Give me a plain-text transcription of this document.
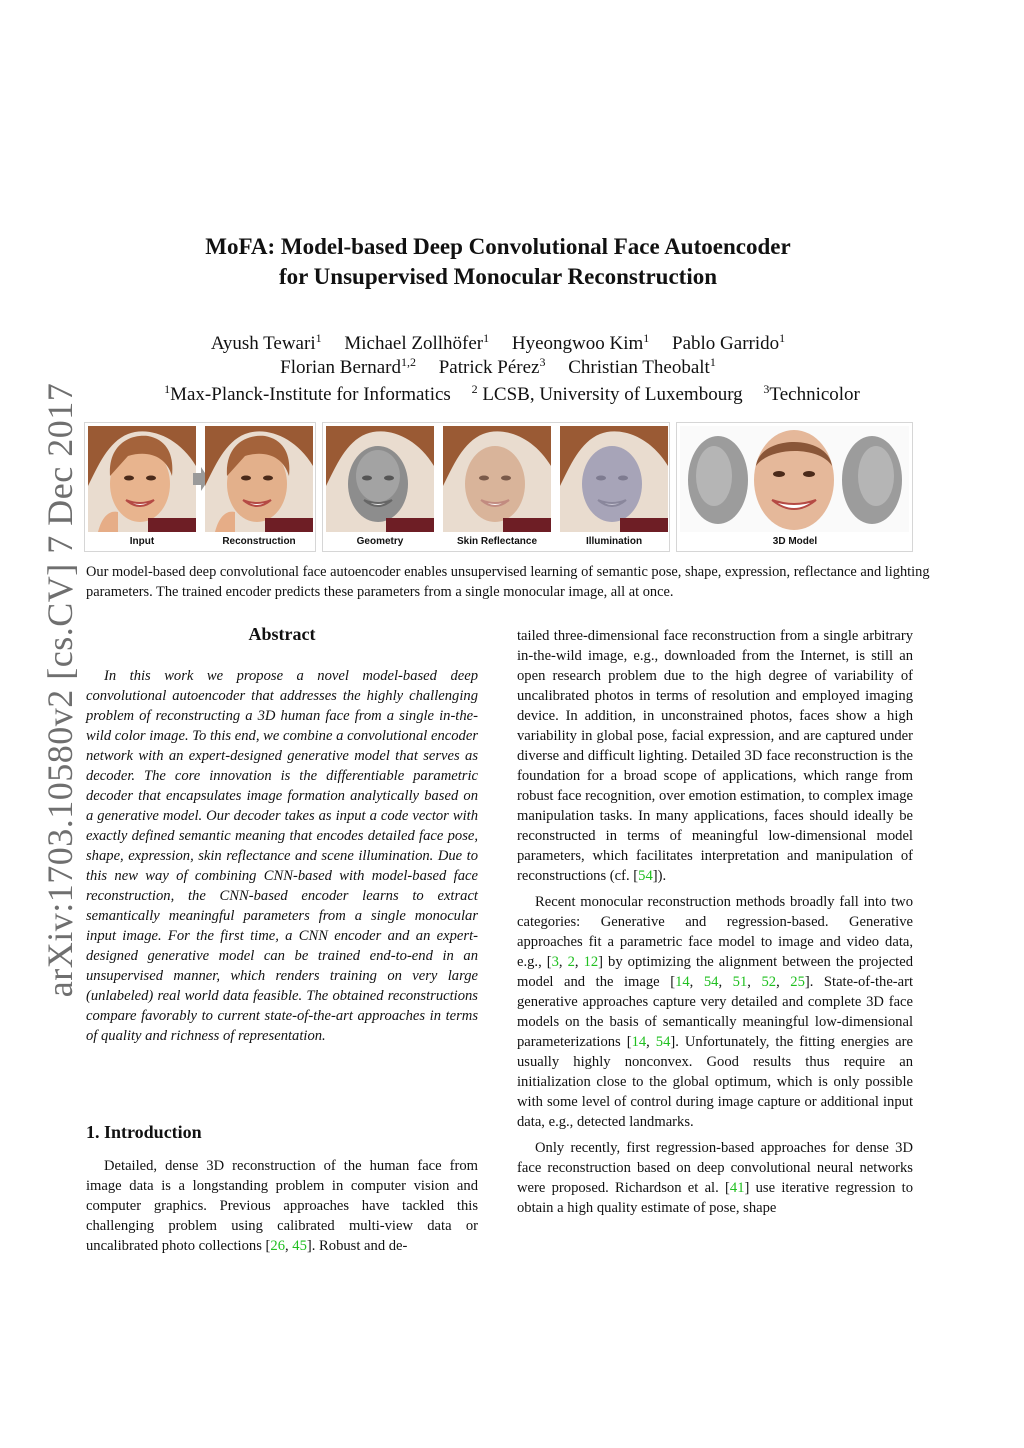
arXiv:1703.10580v2 [cs.CV] 7 Dec 2017
MoFA: Model-based Deep Convolutional Face Autoencoder
for Unsupervised Monocular Reconstruction
Ayush Tewari$^1$ Michael Zollhöfer$^1$ Hyeongwoo Kim$^1$ Pablo Garrido$^1$
Florian Bernard$^{1,2}$ Patrick Pérez$^3$ Christian Theobalt$^1$
$^1$Max-Planck-Institute for Informatics $^2$ LCSB, University of Luxembourg $^3$Technicolor
Input	Reconstruction	Geometry	Skin Reflectance	Illumination	3D Model
Our model-based deep convolutional face autoencoder enables unsupervised learning of semantic pose, shape, expression, reflectance and lighting parameters. The trained encoder predicts these parameters from a single monocular image, all at once.
Abstract

In this work we propose a novel model-based deep convolutional autoencoder that addresses the highly challenging problem of reconstructing a 3D human face from a single in-the-wild color image. To this end, we combine a convolutional encoder network with an expert-designed generative model that serves as decoder. The core innovation is the differentiable parametric decoder that encapsulates image formation analytically based on a generative model. Our decoder takes as input a code vector with exactly defined semantic meaning that encodes detailed face pose, shape, expression, skin reflectance and scene illumination. Due to this new way of combining CNN-based with model-based face reconstruction, the CNN-based encoder learns to extract semantically meaningful parameters from a single monocular input image. For the first time, a CNN encoder and an expert-designed generative model can be trained end-to-end in an unsupervised manner, which renders training on very large (unlabeled) real world data feasible. The obtained reconstructions compare favorably to current state-of-the-art approaches in terms of quality and richness of representation.

1. Introduction

Detailed, dense 3D reconstruction of the human face from image data is a longstanding problem in computer vision and computer graphics. Previous approaches have tackled this challenging problem using calibrated multi-view data or uncalibrated photo collections [26, 45]. Robust and de-

tailed three-dimensional face reconstruction from a single arbitrary in-the-wild image, e.g., downloaded from the Internet, is still an open research problem due to the high degree of variability of uncalibrated photos in terms of resolution and employed imaging device. In addition, in unconstrained photos, faces show a high variability in global pose, facial expression, and are captured under diverse and difficult lighting. Detailed 3D face reconstruction is the foundation for a broad scope of applications, which range from robust face recognition, over emotion estimation, to complex image manipulation tasks. In many applications, faces should ideally be reconstructed in terms of meaningful low-dimensional model parameters, which facilitates interpretation and manipulation of reconstructions (cf. [54]).

Recent monocular reconstruction methods broadly fall into two categories: Generative and regression-based. Generative approaches fit a parametric face model to image and video data, e.g., [3, 2, 12] by optimizing the alignment between the projected model and the image [14, 54, 51, 52, 25]. State-of-the-art generative approaches capture very detailed and complete 3D face models on the basis of semantically meaningful low-dimensional parameterizations [14, 54]. Unfortunately, the fitting energies are usually highly nonconvex. Good results thus require an initialization close to the global optimum, which is only possible with some level of control during image capture or additional input data, e.g., detected landmarks.

Only recently, first regression-based approaches for dense 3D face reconstruction based on deep convolutional neural networks were proposed. Richardson et al. [41] use iterative regression to obtain a high quality estimate of pose, shape
